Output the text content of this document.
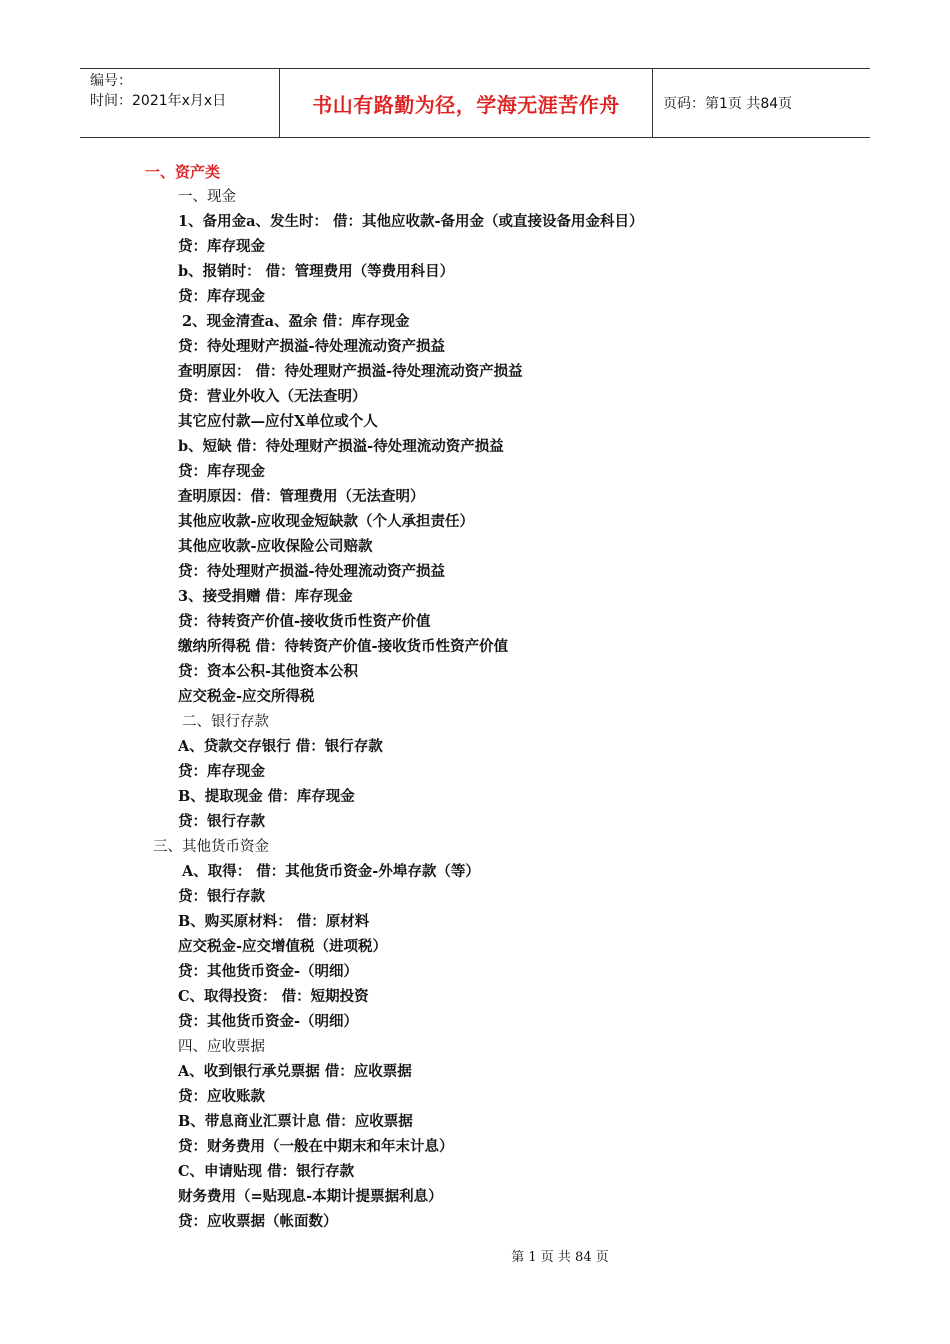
编号：
时间：2021年x月x日	书山有路勤为径，学海无涯苦作舟	页码：第1页 共84页
一、资产类
一、现金
1、备用金a、发生时： 借：其他应收款-备用金（或直接设备用金科目）
贷：库存现金
b、报销时： 借：管理费用（等费用科目）
贷：库存现金
2、现金清查a、盈余 借：库存现金
贷：待处理财产损溢-待处理流动资产损益
查明原因： 借：待处理财产损溢-待处理流动资产损益
贷：营业外收入（无法查明）
其它应付款—应付X单位或个人
b、短缺 借：待处理财产损溢-待处理流动资产损益
贷：库存现金
查明原因：借：管理费用（无法查明）
其他应收款-应收现金短缺款（个人承担责任）
其他应收款-应收保险公司赔款
贷：待处理财产损溢-待处理流动资产损益
3、接受捐赠 借：库存现金
贷：待转资产价值-接收货币性资产价值
缴纳所得税 借：待转资产价值-接收货币性资产价值
贷：资本公积-其他资本公积
应交税金-应交所得税
二、银行存款
A、贷款交存银行 借：银行存款
贷：库存现金
B、提取现金 借：库存现金
贷：银行存款
三、其他货币资金
A、取得： 借：其他货币资金-外埠存款（等）
贷：银行存款
B、购买原材料： 借：原材料
应交税金-应交增值税（进项税）
贷：其他货币资金-（明细）
C、取得投资： 借：短期投资
贷：其他货币资金-（明细）
四、应收票据
A、收到银行承兑票据 借：应收票据
贷：应收账款
B、带息商业汇票计息 借：应收票据
贷：财务费用（一般在中期末和年末计息）
C、申请贴现 借：银行存款
财务费用（=贴现息-本期计提票据利息）
贷：应收票据（帐面数）
第 1 页 共 84 页
